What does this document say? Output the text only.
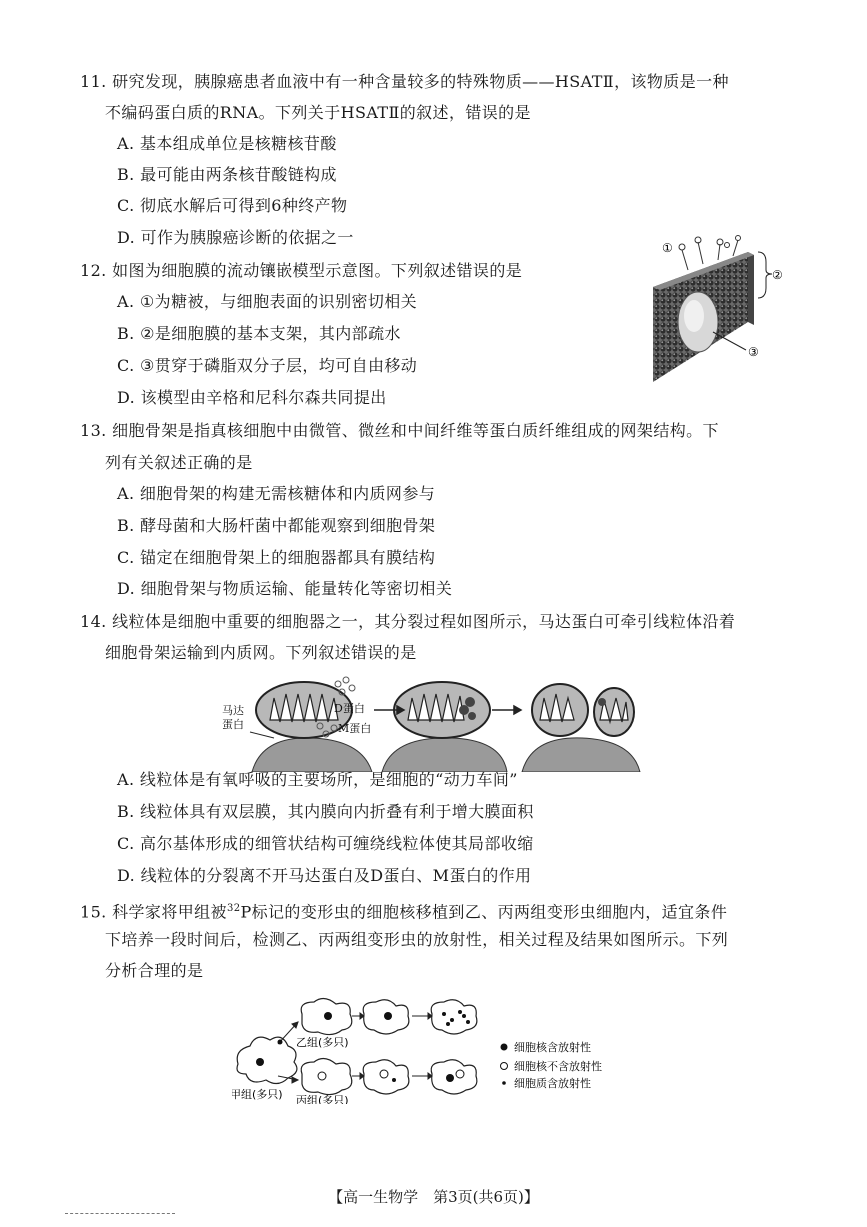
11. 研究发现，胰腺癌患者血液中有一种含量较多的特殊物质——HSATⅡ，该物质是一种
不编码蛋白质的RNA。下列关于HSATⅡ的叙述，错误的是
A. 基本组成单位是核糖核苷酸
B. 最可能由两条核苷酸链构成
C. 彻底水解后可得到6种终产物
D. 可作为胰腺癌诊断的依据之一
12. 如图为细胞膜的流动镶嵌模型示意图。下列叙述错误的是
A. ①为糖被，与细胞表面的识别密切相关
B. ②是细胞膜的基本支架，其内部疏水
C. ③贯穿于磷脂双分子层，均可自由移动
D. 该模型由辛格和尼科尔森共同提出
②
③
①
13. 细胞骨架是指真核细胞中由微管、微丝和中间纤维等蛋白质纤维组成的网架结构。下
列有关叙述正确的是
A. 细胞骨架的构建无需核糖体和内质网参与
B. 酵母菌和大肠杆菌中都能观察到细胞骨架
C. 锚定在细胞骨架上的细胞器都具有膜结构
D. 细胞骨架与物质运输、能量转化等密切相关
14. 线粒体是细胞中重要的细胞器之一，其分裂过程如图所示，马达蛋白可牵引线粒体沿着
细胞骨架运输到内质网。下列叙述错误的是
马达
蛋白
D蛋白
M蛋白
A. 线粒体是有氧呼吸的主要场所，是细胞的“动力车间”
B. 线粒体具有双层膜，其内膜向内折叠有利于增大膜面积
C. 高尔基体形成的细管状结构可缠绕线粒体使其局部收缩
D. 线粒体的分裂离不开马达蛋白及D蛋白、M蛋白的作用
15. 科学家将甲组被$^{32}$P标记的变形虫的细胞核移植到乙、丙两组变形虫细胞内，适宜条件
下培养一段时间后，检测乙、丙两组变形虫的放射性，相关过程及结果如图所示。下列
分析合理的是
甲组(多只)
乙组(多只)
丙组(多只)
细胞核含放射性
细胞核不含放射性
细胞质含放射性
【高一生物学　第3页(共6页)】
